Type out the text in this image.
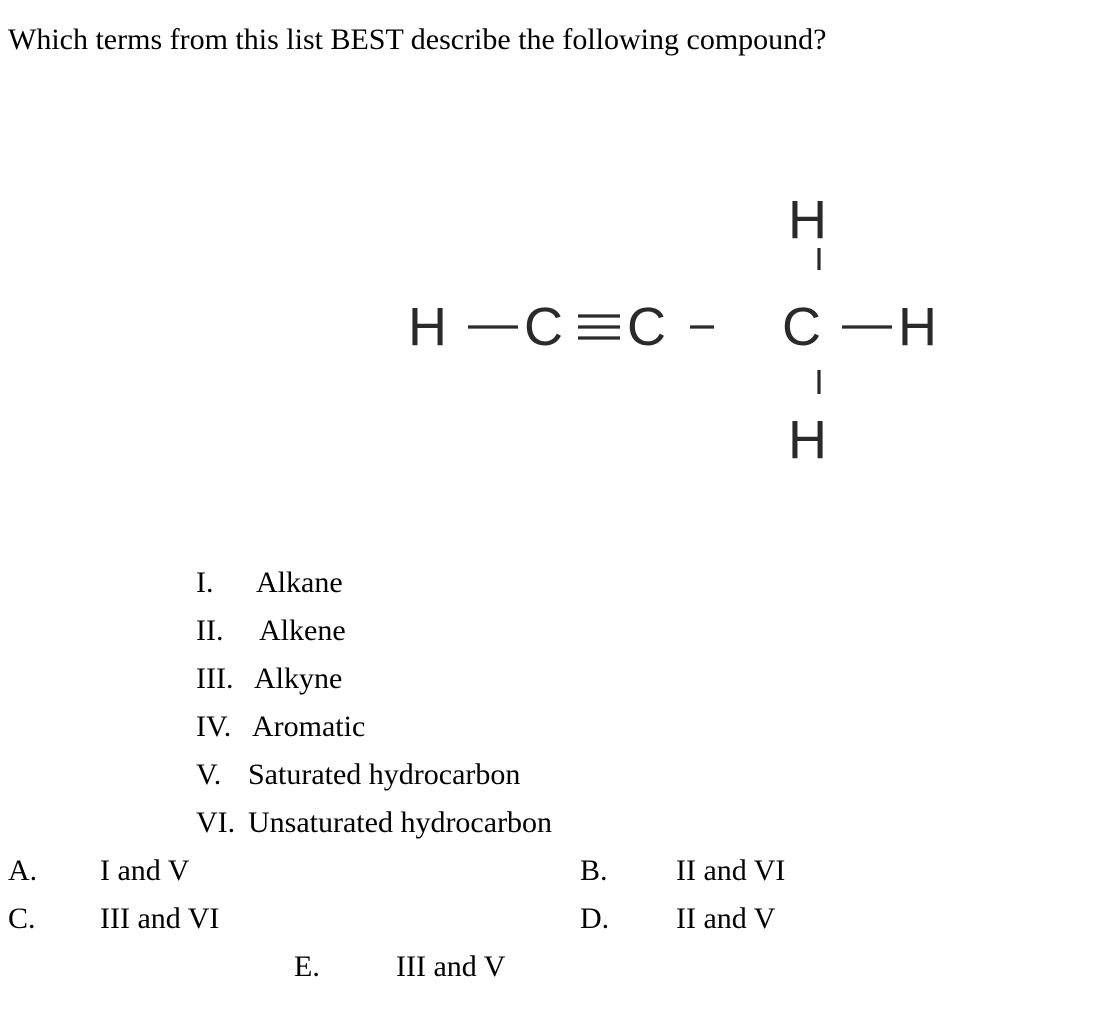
Which terms from this list BEST describe the following compound?
H C C C
H
H
H
I. Alkane
II. Alkene
III. Alkyne
IV. Aromatic
V. Saturated hydrocarbon
VI. Unsaturated hydrocarbon
A. I and V	B. II and VI
C. III and VI	D. II and V
E.	III and V
